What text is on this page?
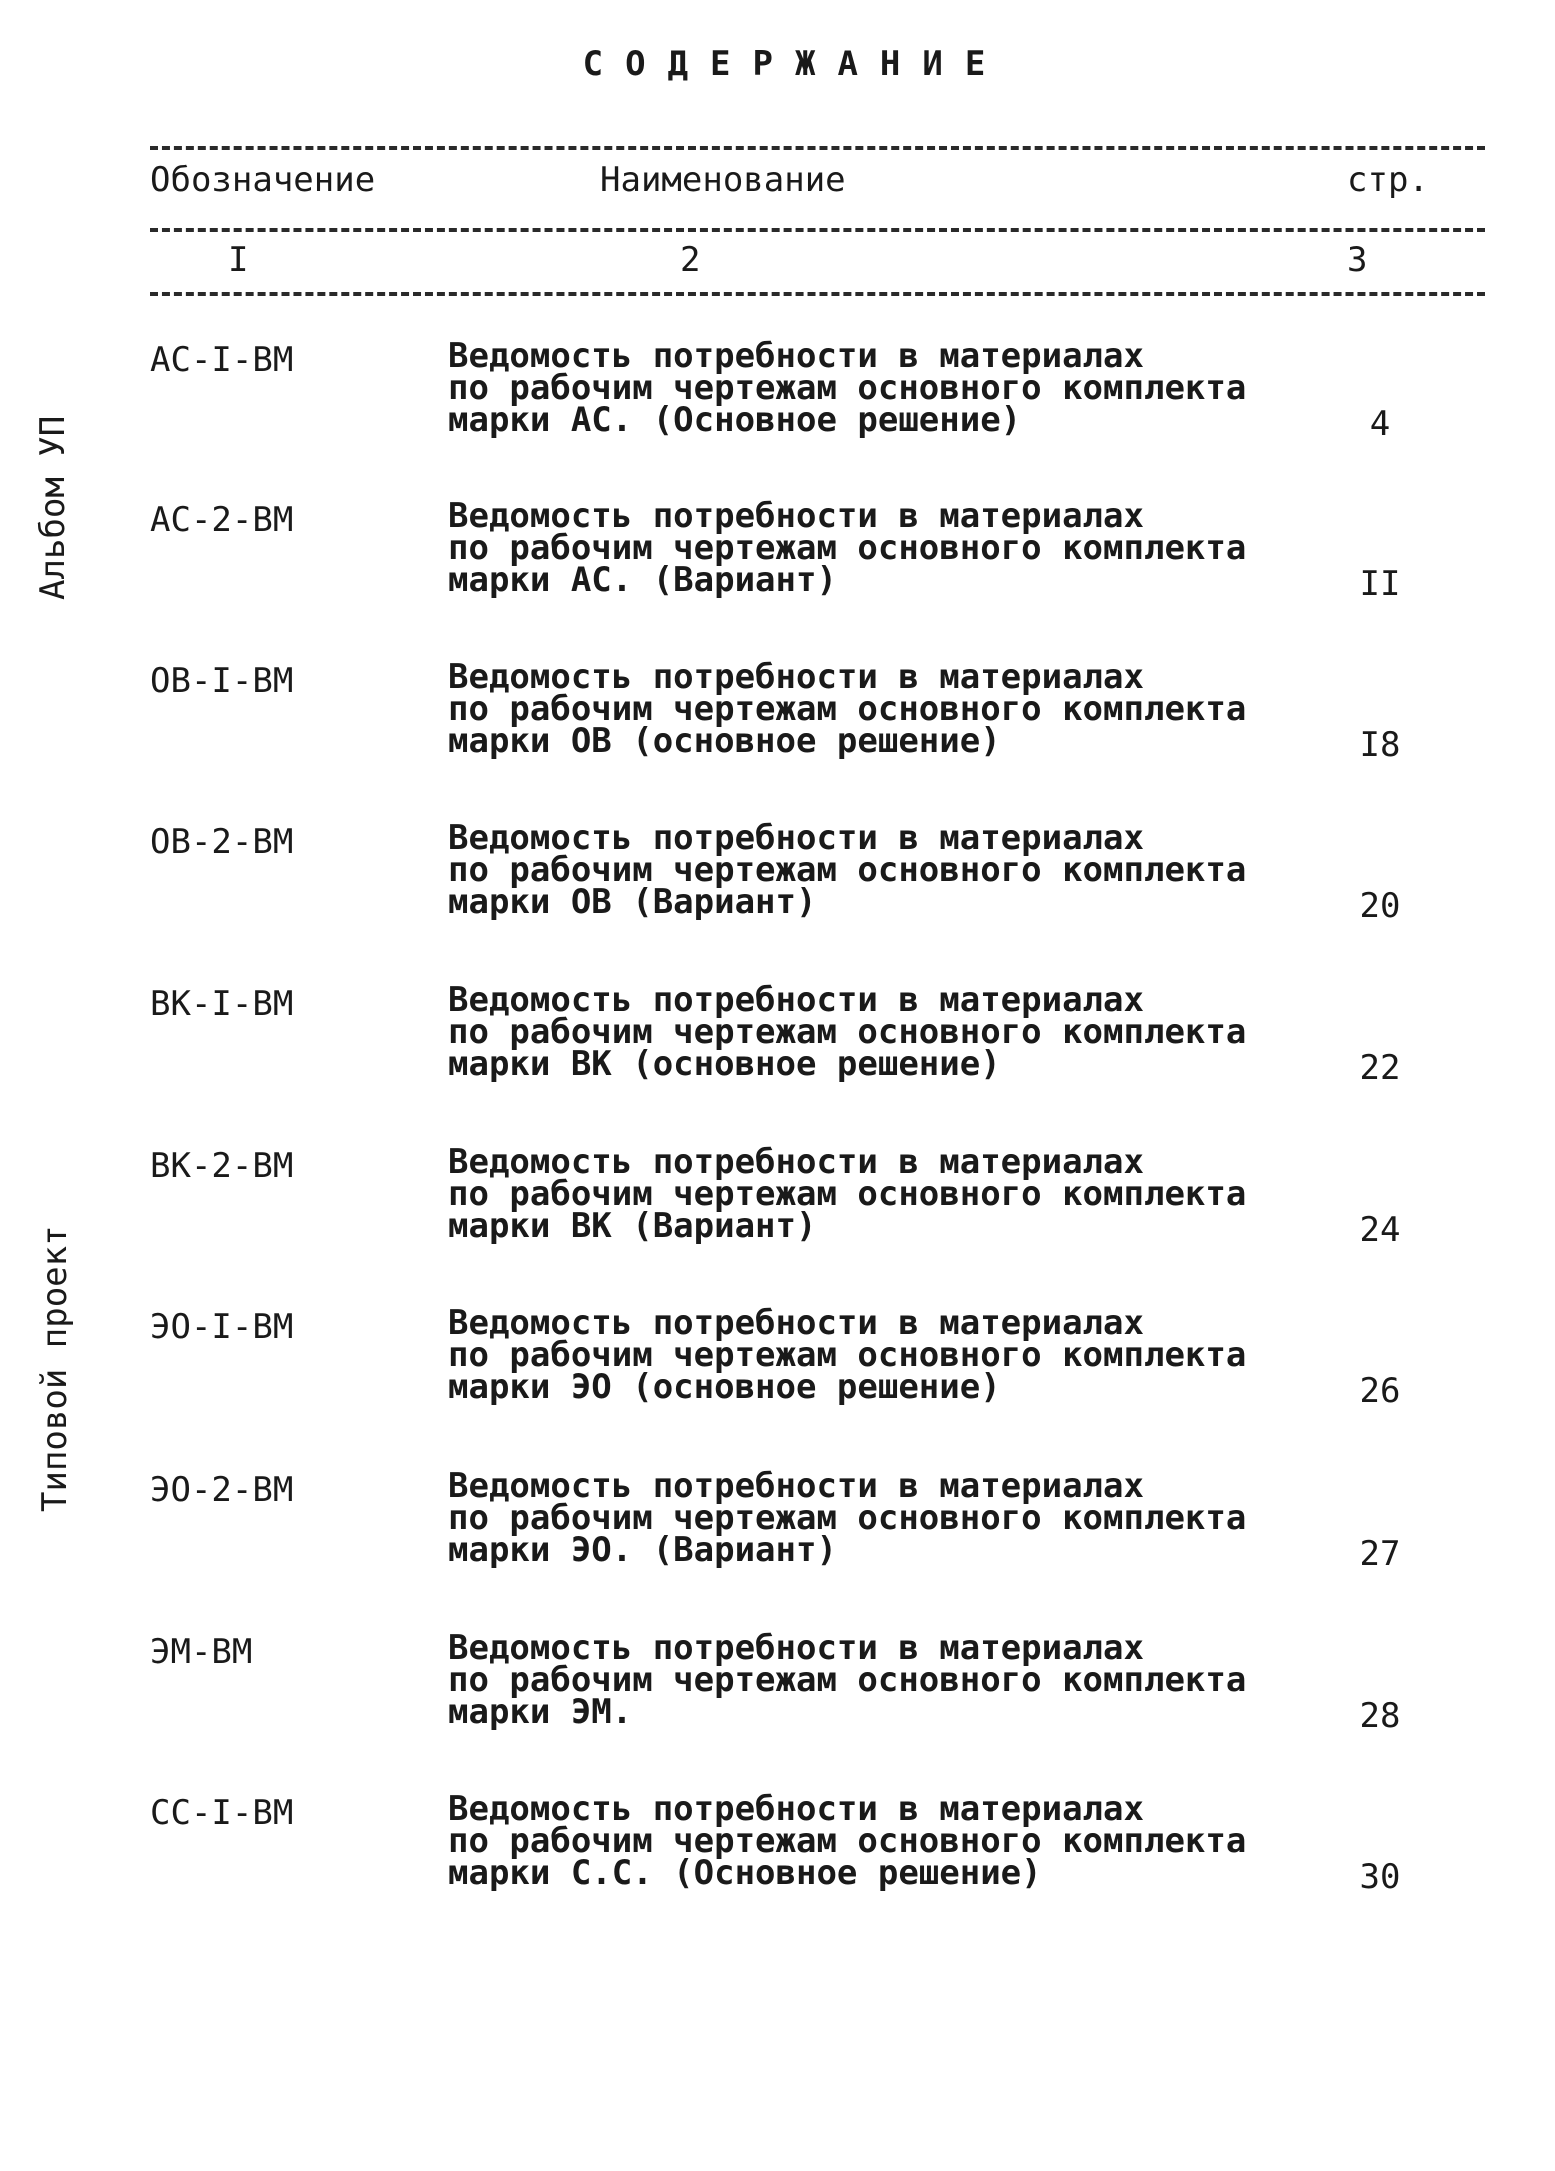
СОДЕРЖАНИЕ
Альбом УП
Типовой проект
Обозначение	Наименование	стр.
I	2	3
АС-I-ВМ	Ведомость потребности в материалах
по рабочим чертежам основного комплекта
марки АС. (Основное решение)	4
АС-2-ВМ	Ведомость потребности в материалах
по рабочим чертежам основного комплекта
марки АС. (Вариант)	II
ОВ-I-ВМ	Ведомость потребности в материалах
по рабочим чертежам основного комплекта
марки ОВ (основное решение)	I8
ОВ-2-ВМ	Ведомость потребности в материалах
по рабочим чертежам основного комплекта
марки ОВ (Вариант)	20
ВК-I-ВМ	Ведомость потребности в материалах
по рабочим чертежам основного комплекта
марки ВК (основное решение)	22
ВК-2-ВМ	Ведомость потребности в материалах
по рабочим чертежам основного комплекта
марки ВК (Вариант)	24
ЭО-I-ВМ	Ведомость потребности в материалах
по рабочим чертежам основного комплекта
марки ЭО (основное решение)	26
ЭО-2-ВМ	Ведомость потребности в материалах
по рабочим чертежам основного комплекта
марки ЭО. (Вариант)	27
ЭМ-ВМ	Ведомость потребности в материалах
по рабочим чертежам основного комплекта
марки ЭМ.	28
СС-I-ВМ	Ведомость потребности в материалах
по рабочим чертежам основного комплекта
марки С.С. (Основное решение)	30
